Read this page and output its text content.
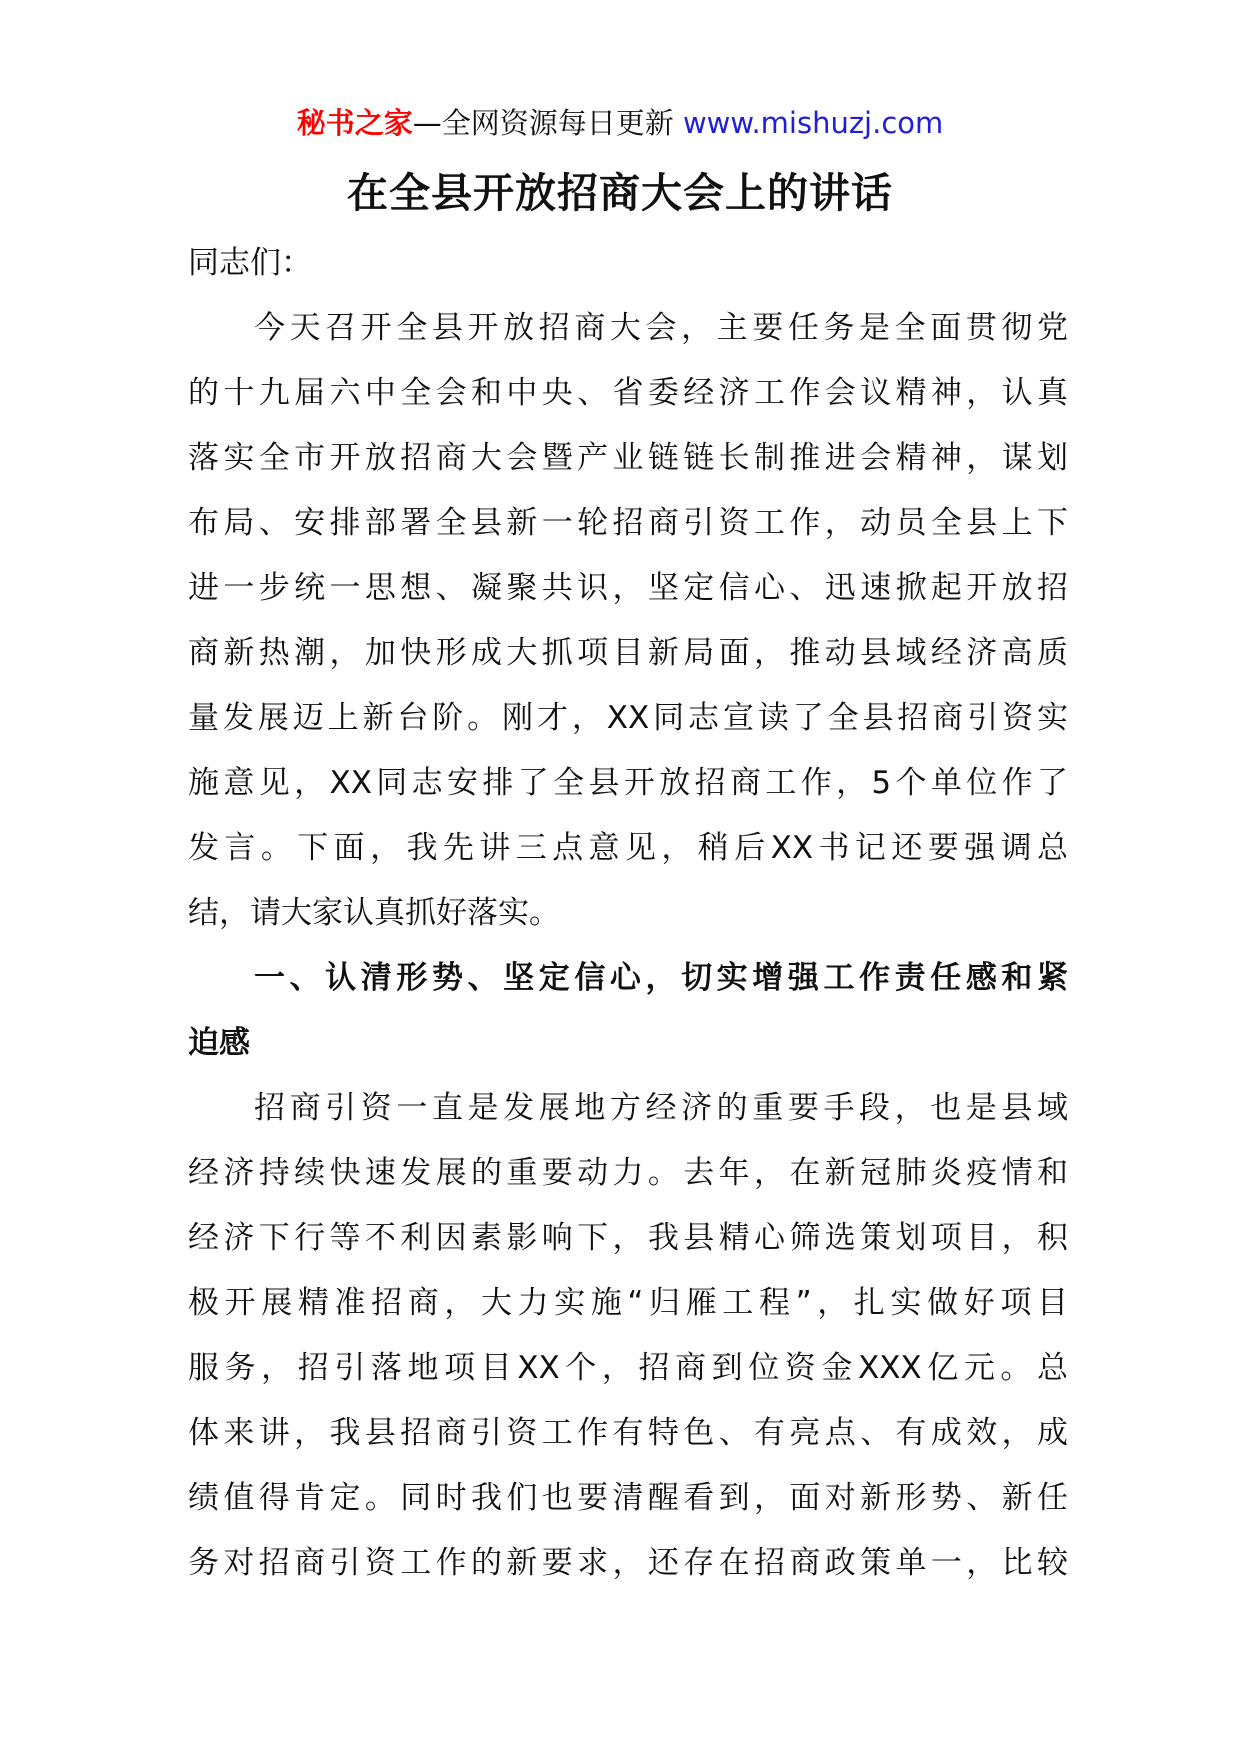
秘书之家—全网资源每日更新 www.mishuzj.com
在全县开放招商大会上的讲话
同志们：
今天召开全县开放招商大会，主要任务是全面贯彻党
的十九届六中全会和中央、省委经济工作会议精神，认真
落实全市开放招商大会暨产业链链长制推进会精神，谋划
布局、安排部署全县新一轮招商引资工作，动员全县上下
进一步统一思想、凝聚共识，坚定信心、迅速掀起开放招
商新热潮，加快形成大抓项目新局面，推动县域经济高质
量发展迈上新台阶。刚才，XX同志宣读了全县招商引资实
施意见，XX同志安排了全县开放招商工作，5个单位作了
发言。下面，我先讲三点意见，稍后XX书记还要强调总
结，请大家认真抓好落实。
一、认清形势、坚定信心，切实增强工作责任感和紧
迫感
招商引资一直是发展地方经济的重要手段，也是县域
经济持续快速发展的重要动力。去年，在新冠肺炎疫情和
经济下行等不利因素影响下，我县精心筛选策划项目，积
极开展精准招商，大力实施“归雁工程”，扎实做好项目
服务，招引落地项目XX个，招商到位资金XXX亿元。总
体来讲，我县招商引资工作有特色、有亮点、有成效，成
绩值得肯定。同时我们也要清醒看到，面对新形势、新任
务对招商引资工作的新要求，还存在招商政策单一，比较
